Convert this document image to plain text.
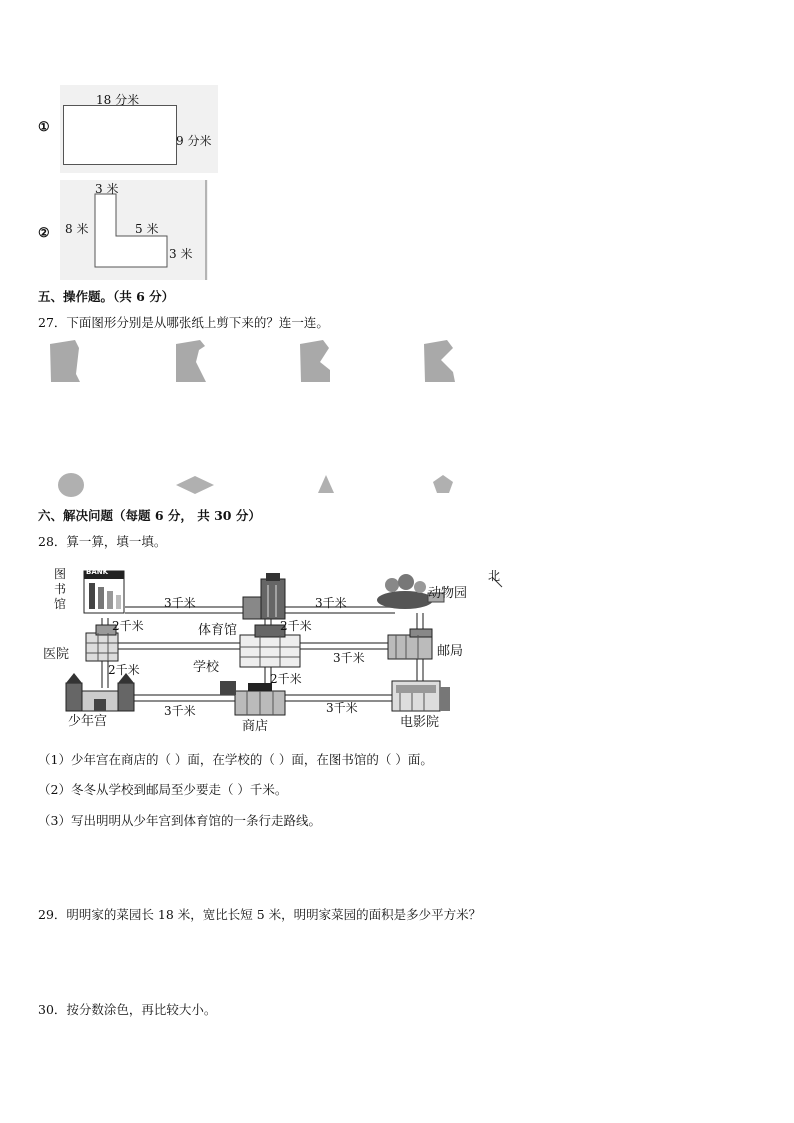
①
18 分米
9 分米
②
3 米
8 米	5 米
3 米
五、操作题。（共 6 分）
27．下面图形分别是从哪张纸上剪下来的？连一连。
六、解决问题（每题 6 分， 共 30 分）
28．算一算，填一填。
BANK	北
图书馆
体育馆
动物园
医院
学校
邮局
少年宫	商店	电影院
3千米	3千米
2千米	2千米
3千米
2千米
2千米
3千米	3千米
（1）少年宫在商店的（ ）面，在学校的（ ）面，在图书馆的（ ）面。
（2）冬冬从学校到邮局至少要走（ ）千米。
（3）写出明明从少年宫到体育馆的一条行走路线。
29．明明家的菜园长 18 米，宽比长短 5 米，明明家菜园的面积是多少平方米？
30．按分数涂色，再比较大小。
